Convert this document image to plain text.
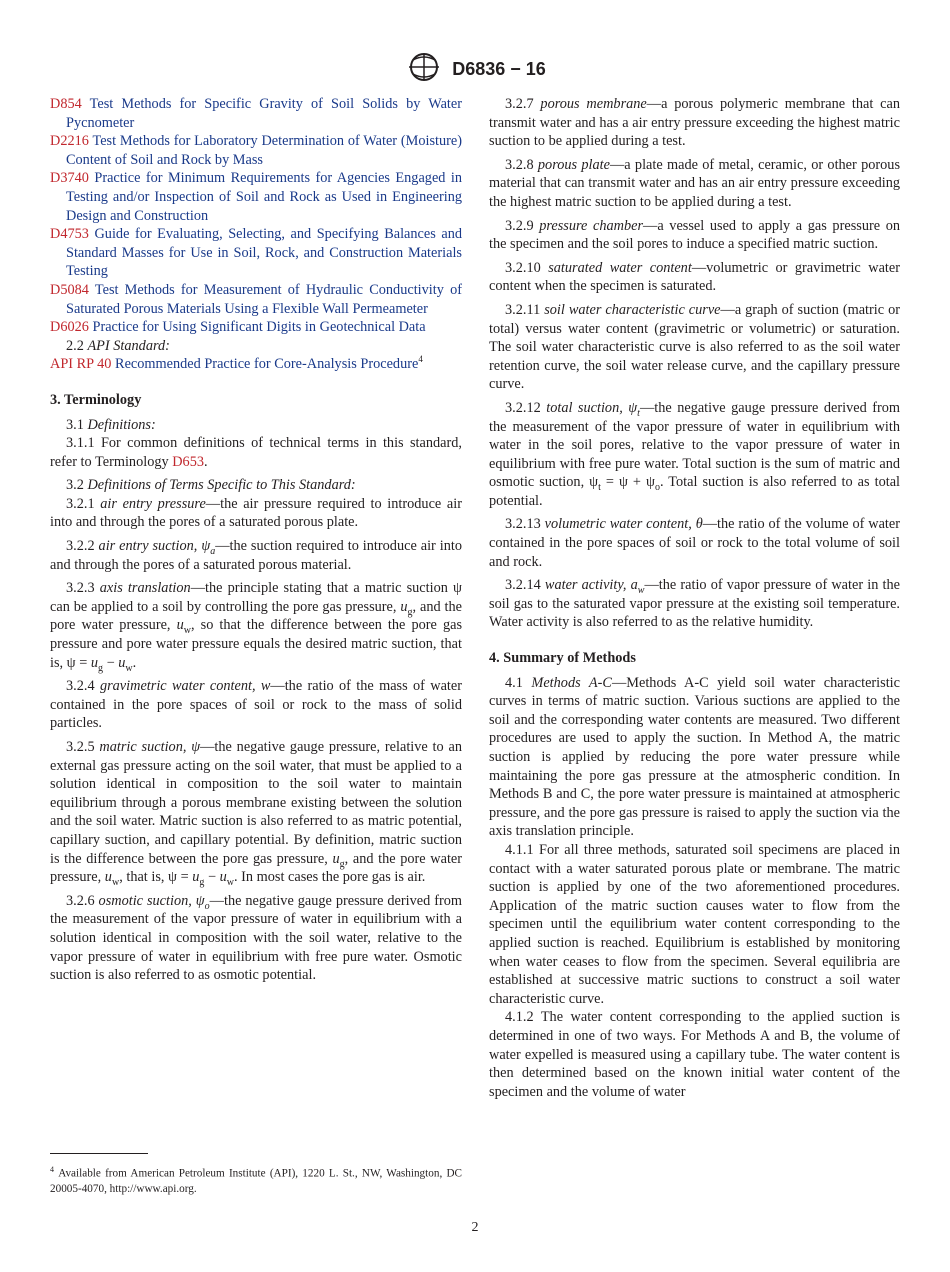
D6836 − 16

D854 Test Methods for Specific Gravity of Soil Solids by Water Pycnometer

D2216 Test Methods for Laboratory Determination of Water (Moisture) Content of Soil and Rock by Mass

D3740 Practice for Minimum Requirements for Agencies Engaged in Testing and/or Inspection of Soil and Rock as Used in Engineering Design and Construction

D4753 Guide for Evaluating, Selecting, and Specifying Balances and Standard Masses for Use in Soil, Rock, and Construction Materials Testing

D5084 Test Methods for Measurement of Hydraulic Conductivity of Saturated Porous Materials Using a Flexible Wall Permeameter

D6026 Practice for Using Significant Digits in Geotechnical Data

2.2 API Standard:

API RP 40 Recommended Practice for Core-Analysis Procedure$^4$

3. Terminology

3.1 Definitions:

3.1.1 For common definitions of technical terms in this standard, refer to Terminology D653.

3.2 Definitions of Terms Specific to This Standard:

3.2.1 air entry pressure—the air pressure required to introduce air into and through the pores of a saturated porous plate.

3.2.2 air entry suction, $\psi_a—the$ suction required to introduce air into and through the pores of a saturated porous material.

3.2.3 axis translation—the principle stating that a matric suction ψ can be applied to a soil by controlling the pore gas pressure, $u_g$, and the pore water pressure, $u_w$, so that the difference between the pore gas pressure and pore water pressure equals the desired matric suction, that is, $\psi = u_g - u_w$.

3.2.4 gravimetric water content, w—the ratio of the mass of water contained in the pore spaces of soil or rock to the mass of solid particles.

3.2.5 matric suction, ψ—the negative gauge pressure, relative to an external gas pressure acting on the soil water, that must be applied to a solution identical in composition to the soil water to maintain equilibrium through a porous membrane existing between the solution and the soil water. Matric suction is also referred to as matric potential, capillary suction, and capillary potential. By definition, matric suction is the difference between the pore gas pressure, $u_g$, and the pore water pressure, $u_w$, that is, $\psi = u_g - u_w$. In most cases the pore gas is air.

3.2.6 osmotic suction, $\psi_o—the$ negative gauge pressure derived from the measurement of the vapor pressure of water in equilibrium with a solution identical in composition with the soil water, relative to the vapor pressure of water in equilibrium with free pure water. Osmotic suction is also referred to as osmotic potential.

3.2.7 porous membrane—a porous polymeric membrane that can transmit water and has a air entry pressure exceeding the highest matric suction to be applied during a test.

3.2.8 porous plate—a plate made of metal, ceramic, or other porous material that can transmit water and has an air entry pressure exceeding the highest matric suction to be applied during a test.

3.2.9 pressure chamber—a vessel used to apply a gas pressure on the specimen and the soil pores to induce a specified matric suction.

3.2.10 saturated water content—volumetric or gravimetric water content when the specimen is saturated.

3.2.11 soil water characteristic curve—a graph of suction (matric or total) versus water content (gravimetric or volumetric) or saturation. The soil water characteristic curve is also referred to as the soil water retention curve, the soil water release curve, and the capillary pressure curve.

3.2.12 total suction, $\psi_t—the$ negative gauge pressure derived from the measurement of the vapor pressure of water in equilibrium with water in the soil pores, relative to the vapor pressure of water in equilibrium with free pure water. Total suction is the sum of matric and osmotic suction, $\psi_t = \psi + \psi_o$. Total suction is also referred to as total potential.

3.2.13 volumetric water content, θ—the ratio of the volume of water contained in the pore spaces of soil or rock to the total volume of soil and rock.

3.2.14 water activity, $a_w—the$ ratio of vapor pressure of water in the soil gas to the saturated vapor pressure at the existing soil temperature. Water activity is also referred to as the relative humidity.

4. Summary of Methods

4.1 Methods A-C—Methods A-C yield soil water characteristic curves in terms of matric suction. Various suctions are applied to the soil and the corresponding water contents are measured. Two different procedures are used to apply the suction. In Method A, the matric suction is applied by reducing the pore water pressure while maintaining the pore gas pressure at the atmospheric condition. In Methods B and C, the pore water pressure is maintained at atmospheric pressure, and the pore gas pressure is raised to apply the suction via the axis translation principle.

4.1.1 For all three methods, saturated soil specimens are placed in contact with a water saturated porous plate or membrane. The matric suction is applied by one of the two aforementioned procedures. Application of the matric suction causes water to flow from the specimen until the equilibrium water content corresponding to the applied suction is reached. Equilibrium is established by monitoring when water ceases to flow from the specimen. Several equilibria are established at successive matric suctions to construct a soil water characteristic curve.

4.1.2 The water content corresponding to the applied suction is determined in one of two ways. For Methods A and B, the volume of water expelled is measured using a capillary tube. The water content is then determined based on the known initial water content of the specimen and the volume of water

$^4$ Available from American Petroleum Institute (API), 1220 L. St., NW, Washington, DC 20005-4070, http://www.api.org.
2
